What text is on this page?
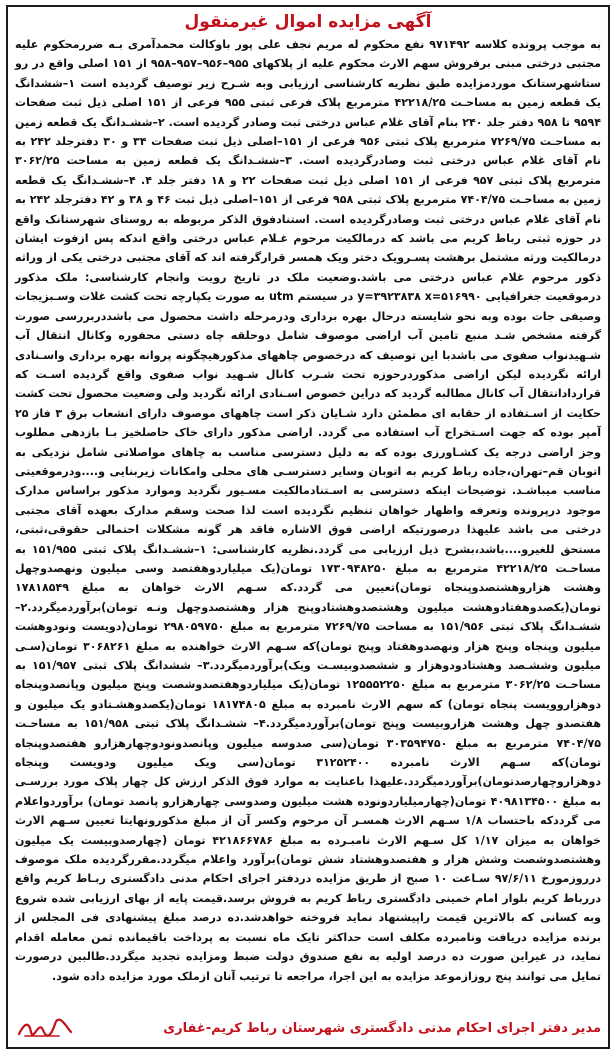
آگهی مزایده اموال غیرمنقول

به موجب پرونده کلاسه ۹۷۱۴۹۲ نفع محکوم له مریم نجف علی پور باوکالت محمدآمری بـه ضررمحکوم علیه مجتبی درختی مبنی برفروش سهم الارث محکوم علیه از پلاکهای ۹۵۵–۹۵۶–۹۵۷–۹۵۸ از ۱۵۱ اصلی واقع در رو ستاشهرستانک موردمزایده طبق نظریه کارشناسی ارزیابی وبه شـرح زیر توصیف گردیده است ۱–ششدانگ یک قطعه زمین به مساحـت ۴۲۲۱۸/۲۵ مترمربع پلاک فرعی ثبتی ۹۵۵ فرعی از ۱۵۱ اصلی ذیل ثبت صفحات ۹۵۹۴ تا ۹۵۸ دفتر جلد ۲۴۰ بنام آقای غلام عباس درختی ثبت وصادر گردیده است. ۲–ششـدانگ یک قطعه زمین به مساحـت ۷۲۶۹/۷۵ مترمربع پلاک ثبتی ۹۵۶ فرعی از ۱۵۱–اصلی ذیل ثبت صفحات ۳۴ و ۳۰ دفترجلد ۲۴۲ به نام آقای غلام عباس درختی ثبت وصادرگردیده است. ۳–ششـدانگ یک قطعه زمین به مساحت ۳۰۶۲/۲۵ مترمربع پلاک ثبتی ۹۵۷ فرعی از ۱۵۱ اصلی ذیل ثبت صفحات ۲۲ و ۱۸ دفتر جلد ۴. ۴–ششـدانگ یک قطعه زمین به مساحـت ۷۴۰۴/۷۵ مترمربع پلاک ثبتی ۹۵۸ فرعی از ۱۵۱–اصلی ذیل ثبت ۴۶ و ۳۸ و ۴۲ دفترجلد ۲۴۲ به نام آقای غلام عباس درختی ثبت وصادرگردیده است. استنادفوق الذکر مربوطه به روستای شهرستانک واقع در حوزه ثبتی رباط کریم می باشد که درمالکیت مرحوم غـلام عباس درختی واقع اندکه پس ازفوت ایشان درمالکیت ورثه مشتمل برهشت پسـرویک دختر ویک همسر قرارگرفته اند که آقای مجتبی درختی یکی از وراثه ذکور مرحوم غلام عباس درختی می باشد.وضعیت ملک در تاریخ رویت وانجام کارشناسی: ملک مذکور درموقعیت جغرافیایی y=۳۹۲۳۸۳۸ x=۵۱۶۹۹۰ در سیستم utm به صورت یکپارچه تحت کشت غلات وسـبزیجات وصیفی جات بوده وبه نحو شایسته درحال بهره برداری ودرمرحله داشت محصول می باشددربررسی صورت گرفته مشخص شـد منبع تامین آب اراضی موصوف شامل دوحلقه چاه دستی محفوره وکانال انتقال آب شـهیدنواب صفوی می باشدبا این توصیف که درخصوص چاههای مذکورهیچگونه پروانه بهره برداری واسـنادی ارائه نگردیده لیکن اراضی مذکوردرحوزه تحت شـرب کانال شـهید نواب صفوی واقع گردیده اسـت که قراردادانتقال آب کانال مطالبه گردید که دراین خصوص اسـنادی ارائه نگردید ولی وضعیت محصول تحت کشت حکایت از اسـتفاده از حقابه ای مطمئن دارد شـایان ذکر است چاههای موصوف دارای انشعاب برق ۳ فاز ۲۵ آمپر بوده که جهت اسـتخراج آب استفاده می گردد. اراضی مذکور دارای خاک حاصلخیز بـا بازدهی مطلوب وجز اراضی درجه یک کشـاورزی بوده که به دلیل دسترسی مناسب به چاهای مواصلاتی شامل نزدیکی به اتوبان قم–تهران،جاده رباط کریم به اتوبان وسایر دسترسـی های محلی وامکانات زیربنایی و....ودرموقعیتی مناسب میباشـد. توضیحات اینکه دسترسی به اسـتنادمالکیت مسـیور نگردید وموارد مذکور براساس مدارک موجود درپرونده وتعرفه واظهار خواهان تنظیم نگردیده است لذا صحت وسقم مدارک بعهده آقای مجتبی درختی می باشد علیهذا درصورتیکه اراضی فوق الاشاره فاقد هر گونه مشکلات احتمالی حقوقی،ثبتی، مستحق للغیرو....باشد،بشرح ذیل ارزیابی می گردد.نظریه کارشناسی: ۱–ششـدانگ پلاک ثبتی ۱۵۱/۹۵۵ به مساحـت ۴۲۲۱۸/۲۵ مترمربع به مبلغ ۱۷۳۰۹۴۸۲۵۰ تومان(یک میلیاردوهفتصد وسی میلیون ونهصدوچهل وهشت هزاروهشتصدوپنجاه تومان)تعیین می گردد.که سـهم الارث خواهان به مبلغ ۱۷۸۱۸۵۴۹ تومان(یکصدوهفتادوهشت میلیون وهشتصدوهشتادوپنج هزار وهشتصدوچهل ونـه تومان)برآوردمیگردد.۲– ششـدانگ پلاک ثبتی ۱۵۱/۹۵۶ به مساحت ۷۲۶۹/۷۵ مترمربع به مبلغ ۲۹۸۰۵۹۷۵۰ تومان(دویست ونودوهشت میلیون وپنجاه وپنج هزار ونهصدوهفتاد وپنج تومان)که سـهم الارث خواهنده به مبلغ ۳۰۶۸۲۶۱ تومان(سـی میلیون وششـصد وهشتادودوهزار و ششصدوبیسـت ویک)برآوردمیگردد.۳– ششدانگ پلاک ثبتی ۱۵۱/۹۵۷ به مساحـت ۳۰۶۲/۲۵ مترمربع به مبلغ ۱۲۵۵۵۲۲۵۰ تومان(یک میلیاردوهفتصدوشصت وپنج میلیون وپانصدوپنجاه دوهزاروویست پنجاه تومان) که سهم الارث نامبرده به مبلغ ۱۸۱۷۴۸۰۵ تومان(یکصدوهشـتادو یک میلیون و هفتصدو چهل وهشت هزاروبیست وپنج تومان)برآوردمیگردد.۴– ششـدانگ پلاک ثبتی ۱۵۱/۹۵۸ به مساحـت ۷۴۰۴/۷۵ مترمربع به مبلغ ۳۰۳۵۹۴۷۵۰ تومان(سی صدوسه میلیون وپانصدونودوچهارهزارو هفتصدوپنجاه تومان)که سـهم الارث نامبرده ۳۱۲۵۲۴۰۰ تومان(سی ویک میلیون ودویست وپنجاه دوهزاروچهارصدتومان)برآوردمیگردد.علیهذا باعنایت به موارد فوق الذکر ارزش کل چهار پلاک مورد بررسـی به مبلغ ۴۰۹۸۱۳۴۵۰۰ تومان(چهارمیلیاردونوده هشت میلیون وصدوسی چهارهزارو پانصد تومان) برآوردواعلام می گرددکه باحتساب ۱/۸ سـهم الارث همسـر آن مرحوم وکسر آن از مبلغ مذکورونهایتا تعیین سـهم الارث خواهان به میزان ۱/۱۷ کل سـهم الارث نامبـرده به مبلغ ۴۲۱۸۶۶۷۸۶ تومان (چهارصدوبیست یک میلیون وهشتصدوشصت وشش هزار و هفتصدوهشتاد شش تومان)برآورد واعلام میگردد.مقررگردیده ملک موصوف درروزمورخ ۹۷/۶/۱۱ سـاعت ۱۰ صبح از طریق مزایده دردفتر اجرای احکام مدنی دادگستری ربـاط کریم واقع دررباط کریم بلوار امام خمینی دادگستری رباط کریم به فروش برسد.قیمت پایه از بهای ارزیابی شده شروع وبه کسانی که بالاترین قیمت راپیشنهاد نماید فروخته خواهدشد.ده درصد مبلغ پیشنهادی فی المجلس از برنده مزایده دریافت ونامبرده مکلف است حداکثر تایک ماه نسبت به پرداخت باقیمانده ثمن معامله اقدام نماید، در غیراین صورت ده درصد اولیه به نفع صندوق دولت ضبط ومزایده تجدید میگردد.طالبین درصورت تمایل می توانند پنج روزازموعد مزایده به این اجرا، مراجعه تا ترتیب آنان ازملک مورد مزایده داده شود.

مدیر دفتر اجرای احکام مدنی دادگستری شهرستان رباط کریم-غفاری
